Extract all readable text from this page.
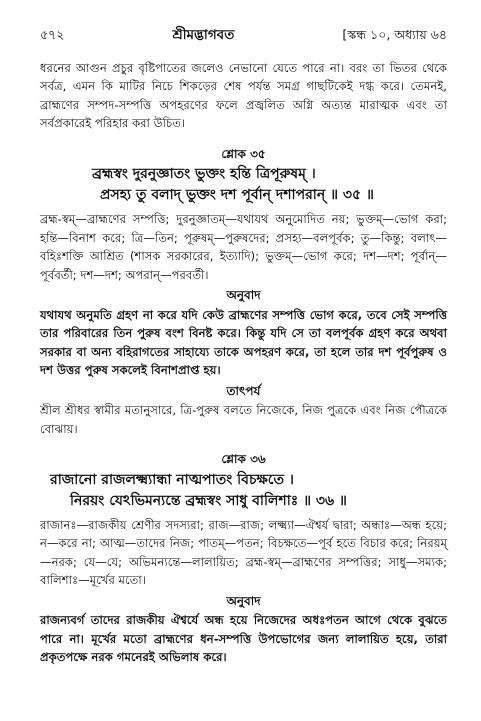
৫৭২	শ্রীমদ্ভাগবত	[স্কন্ধ ১০, অধ্যায় ৬৪

ধরনের আগুন প্রচুর বৃষ্টিপাতের জলেও নেভানো যেতে পারে না। বরং তা ভিতর থেকে সর্বত্র, এমন কি মাটির নিচে শিকড়ের শেষ পর্যন্ত সমগ্র গাছটিকেই দগ্ধ করে। তেমনই, ব্রাহ্মণের সম্পদ-সম্পত্তি অপহরণের ফলে প্রজ্বলিত অগ্নি অত্যন্ত মারাত্মক এবং তা সর্বপ্রকারেই পরিহার করা উচিত।

শ্লোক ৩৫
ব্রহ্মস্বং দুরনুজ্ঞাতং ভুক্তং হন্তি ত্রিপূরুষম্ ।
প্রসহ্য তু বলাদ্ ভুক্তং দশ পূর্বান্ দশাপরান্ ॥ ৩৫ ॥

ব্রহ্ম-স্বম্—ব্রাহ্মণের সম্পত্তি; দুরনুজ্ঞাতম্—যথাযথ অনুমোদিত নয়; ভুক্তম্—ভোগ করা; হন্তি—বিনাশ করে; ত্রি—তিন; পূরুষম্—পুরুষদের; প্রসহ্য—বলপূর্বক; তু—কিন্তু; বলাৎ—বহিঃশক্তি আশ্রিত (শাসক সরকারের, ইত্যাদি); ভুক্তম্—ভোগ করে; দশ—দশ; পূর্বান্—পূর্ববর্তী; দশ—দশ; অপরান্—পরবর্তী।

অনুবাদ

যথাযথ অনুমতি গ্রহণ না করে যদি কেউ ব্রাহ্মণের সম্পত্তি ভোগ করে, তবে সেই সম্পত্তি তার পরিবারের তিন পুরুষ বংশ বিনষ্ট করে। কিন্তু যদি সে তা বলপূর্বক গ্রহণ করে অথবা সরকার বা অন্য বহিরাগতের সাহায্যে তাকে অপহরণ করে, তা হলে তার দশ পূর্বপুরুষ ও দশ উত্তর পুরুষ সকলেই বিনাশপ্রাপ্ত হয়।

তাৎপর্য

শ্রীল শ্রীধর স্বামীর মতানুসারে, ত্রি-পুরুষ বলতে নিজেকে, নিজ পুত্রকে এবং নিজ পৌত্রকে বোঝায়।

শ্লোক ৩৬
রাজানো রাজলক্ষ্ম্যান্ধা নাত্মপাতং বিচক্ষতে ।
নিরয়ং যেঽভিমন্যন্তে ব্রহ্মস্বং সাধু বালিশাঃ ॥ ৩৬ ॥

রাজানঃ—রাজকীয় শ্রেণীর সদস্যরা; রাজ—রাজ; লক্ষ্ম্যা—ঐশ্বর্য দ্বারা; অন্ধাঃ—অন্ধ হয়ে; ন—করে না; আত্ম—তাদের নিজ; পাতম্—পতন; বিচক্ষতে—পূর্ব হতে বিচার করে; নিরয়ম্—নরক; যে—যে; অভিমন্যন্তে—লালায়িত; ব্রহ্ম-স্বম্—ব্রাহ্মণের সম্পত্তির; সাধু—সম্যক; বালিশাঃ—মূর্খের মতো।

অনুবাদ

রাজন্যবর্গ তাদের রাজকীয় ঐশ্বর্যে অন্ধ হয়ে নিজেদের অধঃপতন আগে থেকে বুঝতে পারে না। মূর্খের মতো ব্রাহ্মণের ধন-সম্পত্তি উপভোগের জন্য লালায়িত হয়ে, তারা প্রকৃতপক্ষে নরক গমনেরই অভিলাষ করে।
